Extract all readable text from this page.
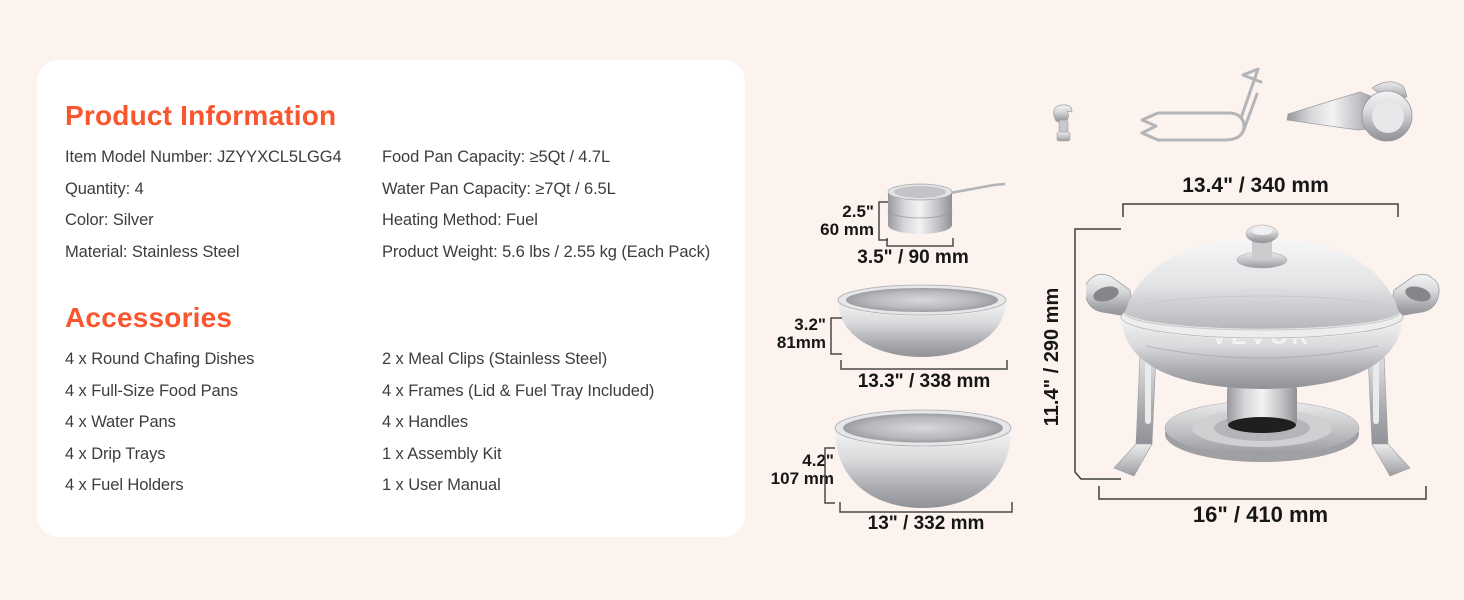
Product Information
Item Model Number: JZYYXCL5LGG4	Food Pan Capacity: ≥5Qt / 4.7L
Quantity: 4	Water Pan Capacity: ≥7Qt / 6.5L
Color: Silver	Heating Method: Fuel
Material: Stainless Steel	Product Weight: 5.6 lbs / 2.55 kg (Each Pack)
Accessories
4 x Round Chafing Dishes	2 x Meal Clips (Stainless Steel)
4 x Full-Size Food Pans	4 x Frames (Lid & Fuel Tray Included)
4 x Water Pans	4 x Handles
4 x Drip Trays	1 x Assembly Kit
4 x Fuel Holders	1 x User Manual
2.5"
60 mm
3.5" / 90 mm
3.2"
81mm
13.3" / 338 mm
4.2"
107 mm
13" / 332 mm
13.4" / 340 mm
11.4" / 290 mm
16" / 410 mm
